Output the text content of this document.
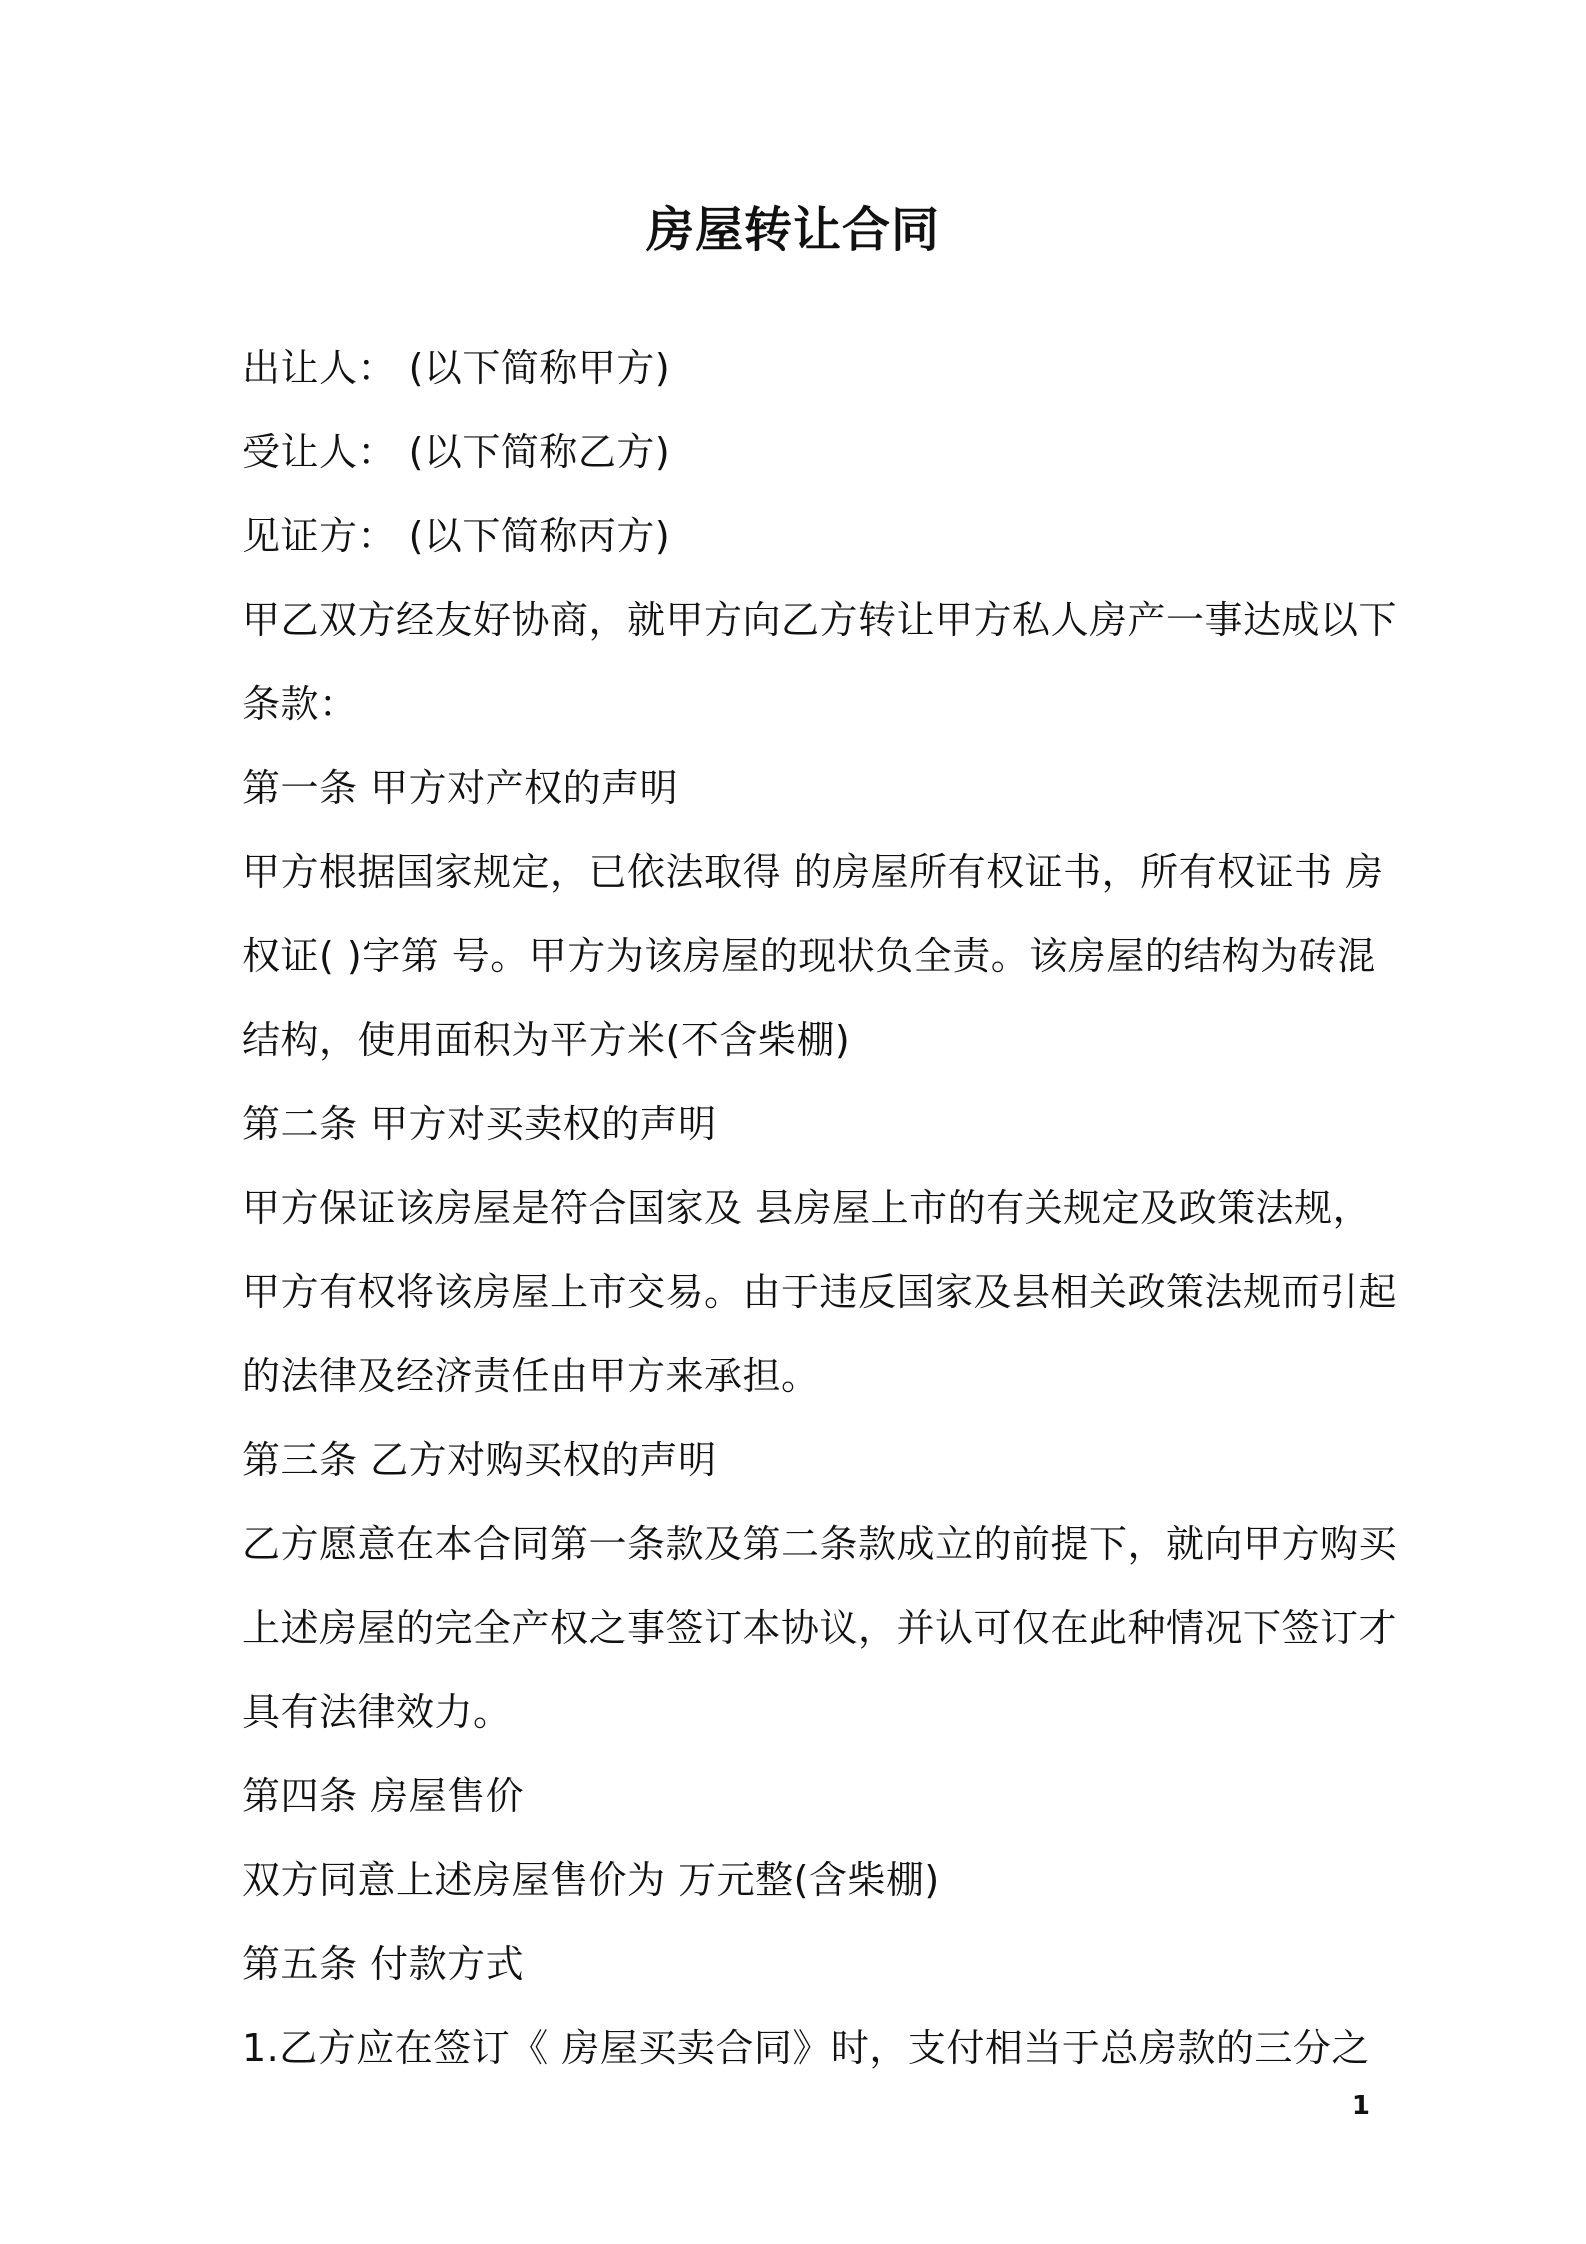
房屋转让合同
出让人： (以下简称甲方)
受让人： (以下简称乙方)
见证方： (以下简称丙方)
甲乙双方经友好协商，就甲方向乙方转让甲方私人房产一事达成以下
条款：
第一条 甲方对产权的声明
甲方根据国家规定，已依法取得 的房屋所有权证书，所有权证书 房
权证( )字第 号。甲方为该房屋的现状负全责。该房屋的结构为砖混
结构，使用面积为平方米(不含柴棚)
第二条 甲方对买卖权的声明
甲方保证该房屋是符合国家及 县房屋上市的有关规定及政策法规，
甲方有权将该房屋上市交易。由于违反国家及县相关政策法规而引起
的法律及经济责任由甲方来承担。
第三条 乙方对购买权的声明
乙方愿意在本合同第一条款及第二条款成立的前提下，就向甲方购买
上述房屋的完全产权之事签订本协议，并认可仅在此种情况下签订才
具有法律效力。
第四条 房屋售价
双方同意上述房屋售价为 万元整(含柴棚)
第五条 付款方式
1.乙方应在签订《 房屋买卖合同》时，支付相当于总房款的三分之
1
